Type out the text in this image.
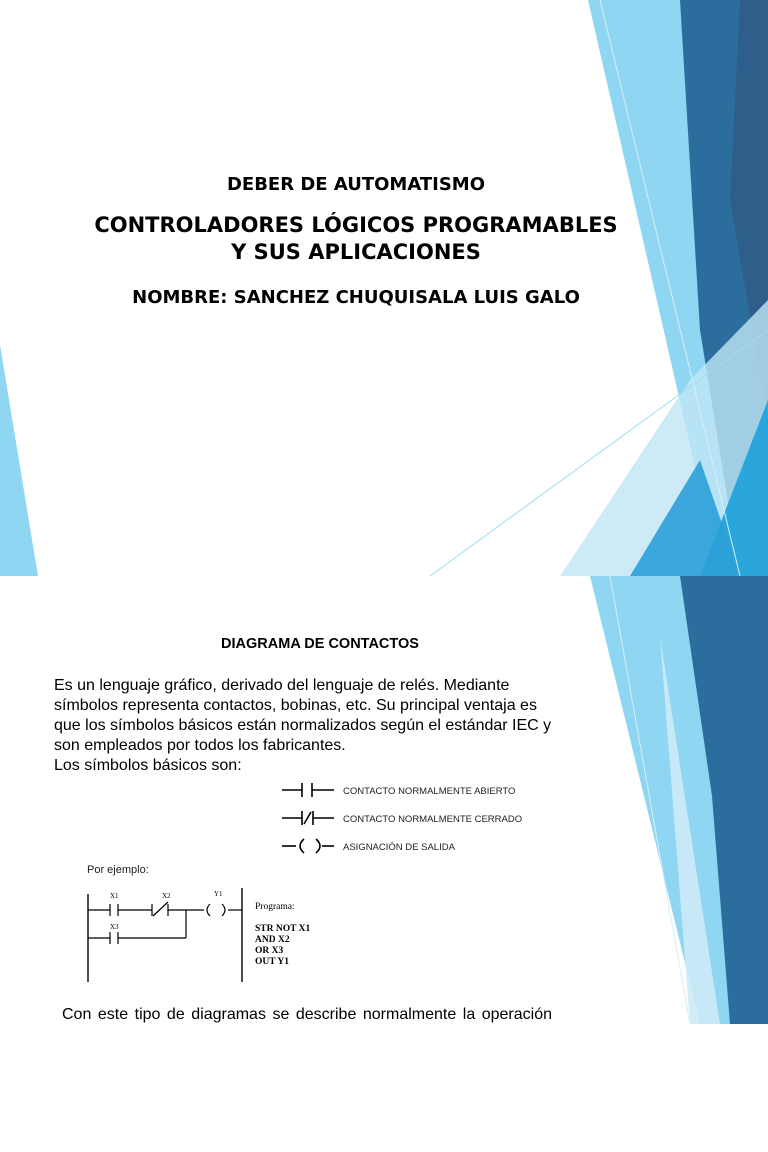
DEBER DE AUTOMATISMO
CONTROLADORES LÓGICOS PROGRAMABLES
Y SUS APLICACIONES
NOMBRE: SANCHEZ CHUQUISALA LUIS GALO
DIAGRAMA DE CONTACTOS

Es un lenguaje gráfico, derivado del lenguaje de relés. Mediante

símbolos representa contactos, bobinas, etc. Su principal ventaja es

que los símbolos básicos están normalizados según el estándar IEC y

son empleados por todos los fabricantes.

Los símbolos básicos son:

CONTACTO NORMALMENTE ABIERTO
CONTACTO NORMALMENTE CERRADO
ASIGNACIÓN DE SALIDA
Por ejemplo:
X1	X2	Y1
X3
Programa:
STR NOT X1
AND X2
OR X3
OUT Y1
Con este tipo de diagramas se describe normalmente la operación
